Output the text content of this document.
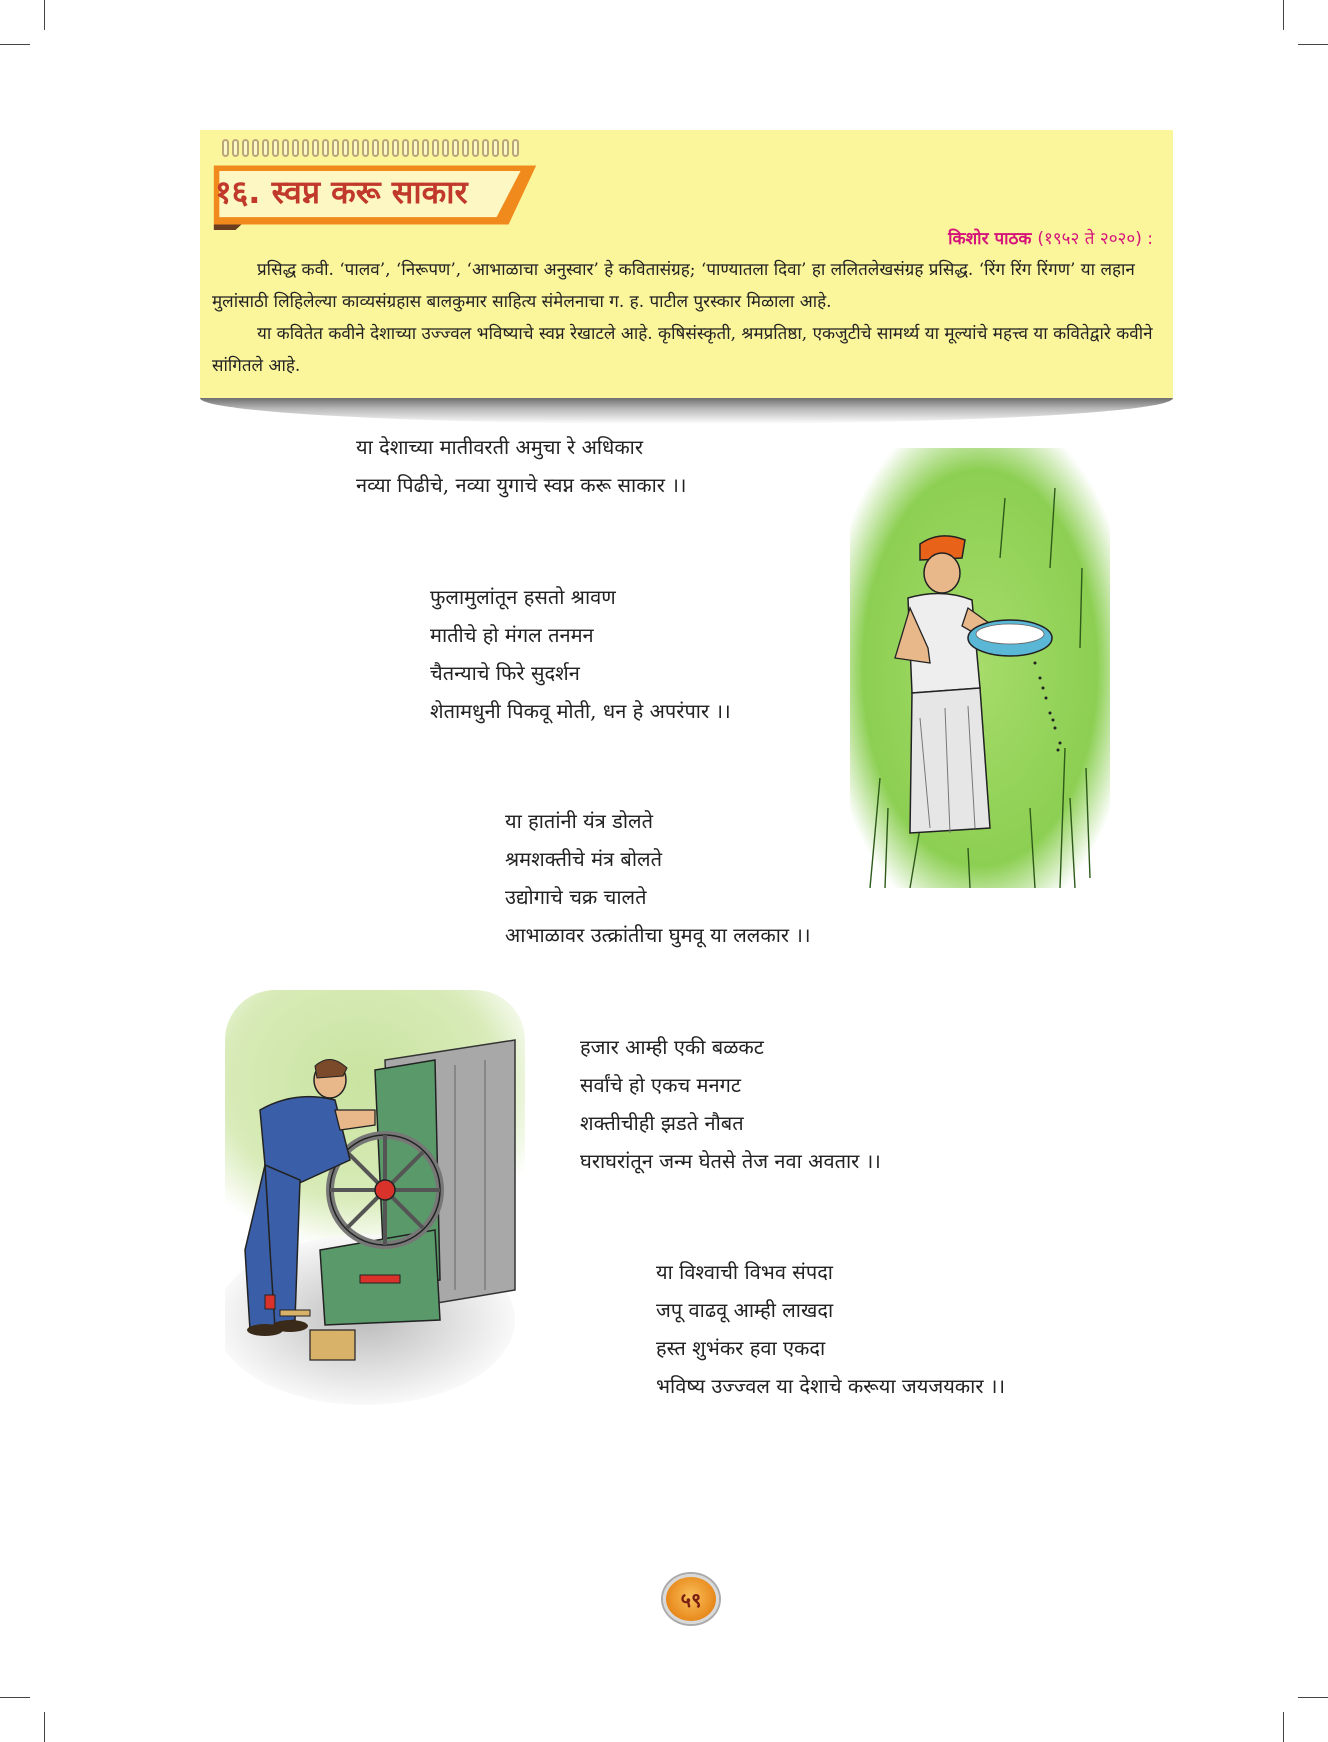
१६. स्वप्न करू साकार
किशोर पाठक (१९५२ ते २०२०) :

प्रसिद्ध कवी. ‘पालव’, ‘निरूपण’, ‘आभाळाचा अनुस्वार’ हे कवितासंग्रह; ‘पाण्यातला दिवा’ हा ललितलेखसंग्रह प्रसिद्ध. ‘रिंग रिंग रिंगण’ या लहान मुलांसाठी लिहिलेल्या काव्यसंग्रहास बालकुमार साहित्य संमेलनाचा ग. ह. पाटील पुरस्कार मिळाला आहे.

या कवितेत कवीने देशाच्या उज्ज्वल भविष्याचे स्वप्न रेखाटले आहे. कृषिसंस्कृती, श्रमप्रतिष्ठा, एकजुटीचे सामर्थ्य या मूल्यांचे महत्त्व या कवितेद्वारे कवीने सांगितले आहे.

या देशाच्या मातीवरती अमुचा रे अधिकार
नव्या पिढीचे, नव्या युगाचे स्वप्न करू साकार ।।
फुलामुलांतून हसतो श्रावण
मातीचे हो मंगल तनमन
चैतन्याचे फिरे सुदर्शन
शेतामधुनी पिकवू मोती, धन हे अपरंपार ।।
या हातांनी यंत्र डोलते
श्रमशक्तीचे मंत्र बोलते
उद्योगाचे चक्र चालते
आभाळावर उत्क्रांतीचा घुमवू या ललकार ।।
हजार आम्ही एकी बळकट
सर्वांचे हो एकच मनगट
शक्तीचीही झडते नौबत
घराघरांतून जन्म घेतसे तेज नवा अवतार ।।
या विश्वाची विभव संपदा
जपू वाढवू आम्ही लाखदा
हस्त शुभंकर हवा एकदा
भविष्य उज्ज्वल या देशाचे करूया जयजयकार ।।
५९
